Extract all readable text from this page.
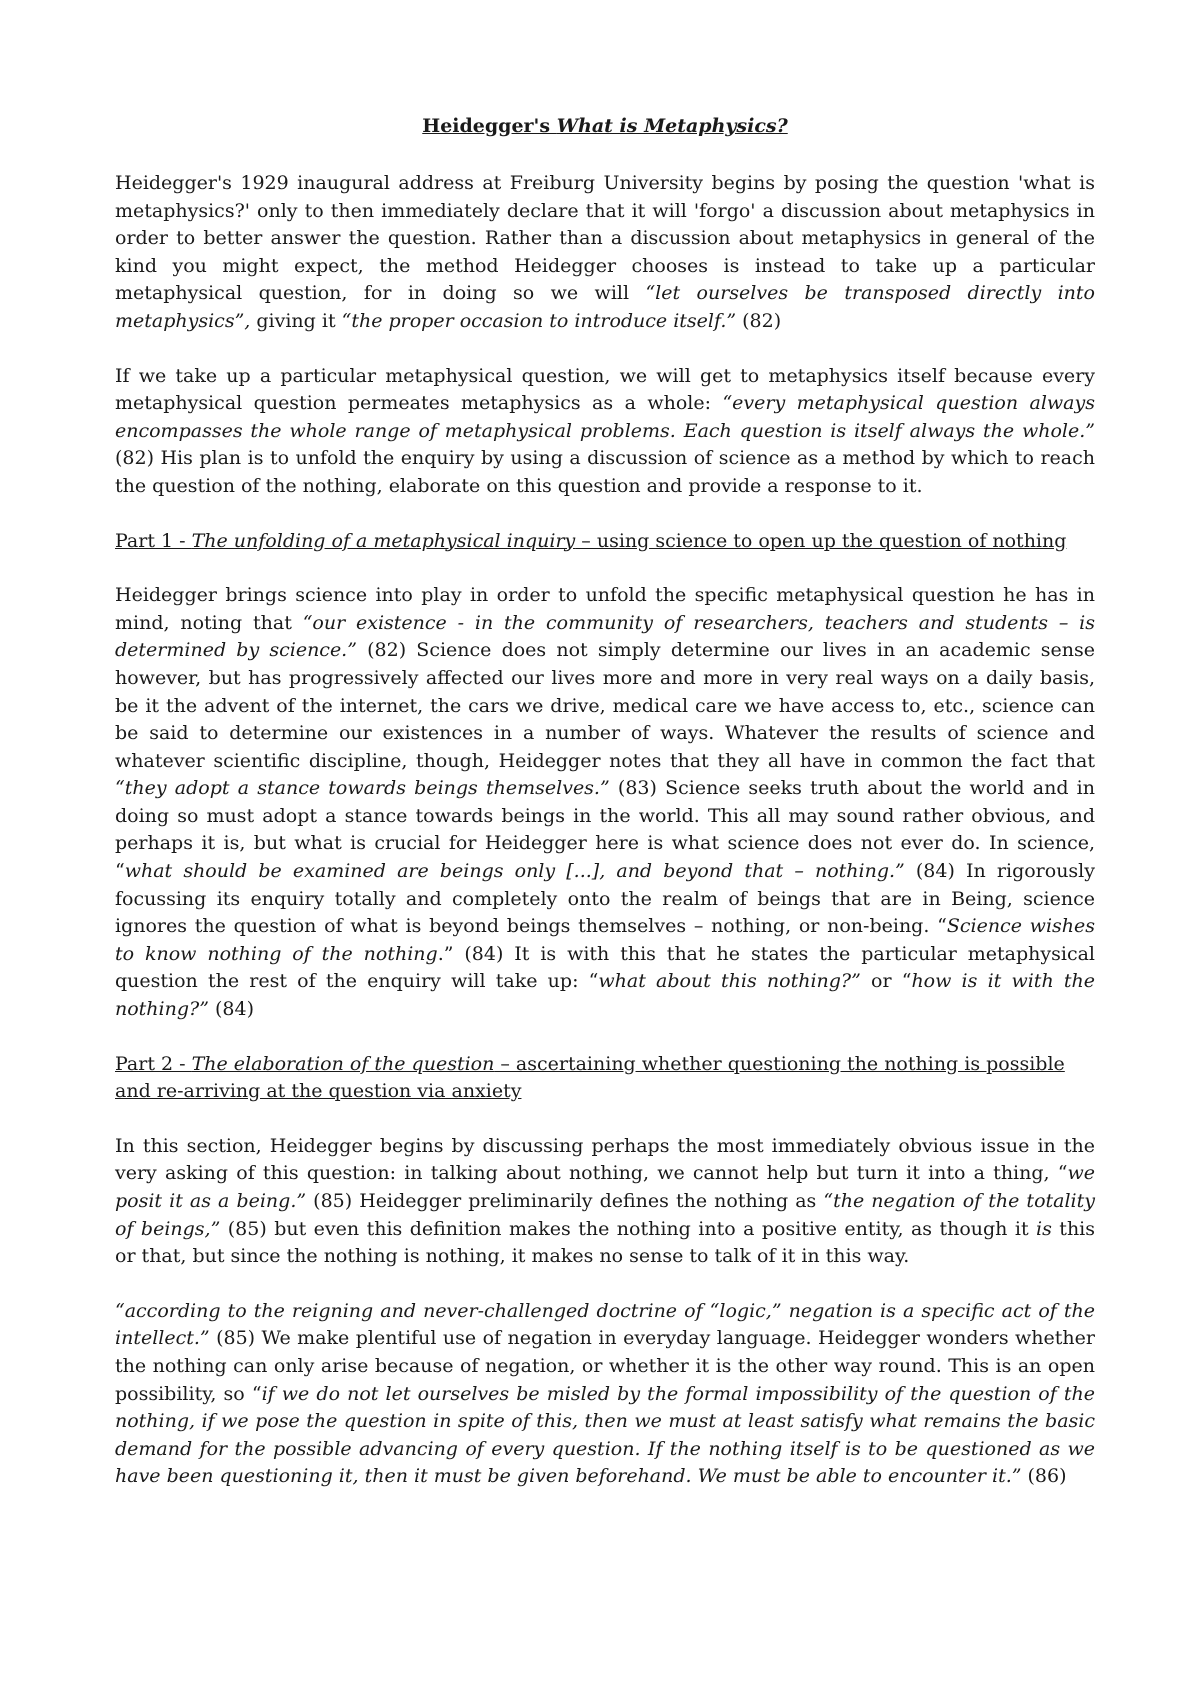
Heidegger's What is Metaphysics?

Heidegger's 1929 inaugural address at Freiburg University begins by posing the question 'what is metaphysics?' only to then immediately declare that it will 'forgo' a discussion about metaphysics in order to better answer the question. Rather than a discussion about metaphysics in general of the kind you might expect, the method Heidegger chooses is instead to take up a particular metaphysical question, for in doing so we will “let ourselves be transposed directly into metaphysics”, giving it “the proper occasion to introduce itself.” (82)

If we take up a particular metaphysical question, we will get to metaphysics itself because every metaphysical question permeates metaphysics as a whole: “every metaphysical question always encompasses the whole range of metaphysical problems. Each question is itself always the whole.” (82) His plan is to unfold the enquiry by using a discussion of science as a method by which to reach the question of the nothing, elaborate on this question and provide a response to it.

Part 1 - The unfolding of a metaphysical inquiry – using science to open up the question of nothing

Heidegger brings science into play in order to unfold the specific metaphysical question he has in mind, noting that “our existence - in the community of researchers, teachers and students – is determined by science.” (82) Science does not simply determine our lives in an academic sense however, but has progressively affected our lives more and more in very real ways on a daily basis, be it the advent of the internet, the cars we drive, medical care we have access to, etc., science can be said to determine our existences in a number of ways. Whatever the results of science and whatever scientific discipline, though, Heidegger notes that they all have in common the fact that “they adopt a stance towards beings themselves.” (83) Science seeks truth about the world and in doing so must adopt a stance towards beings in the world. This all may sound rather obvious, and perhaps it is, but what is crucial for Heidegger here is what science does not ever do. In science, “what should be examined are beings only [...], and beyond that – nothing.” (84) In rigorously focussing its enquiry totally and completely onto the realm of beings that are in Being, science ignores the question of what is beyond beings themselves – nothing, or non-being. “Science wishes to know nothing of the nothing.” (84) It is with this that he states the particular metaphysical question the rest of the enquiry will take up: “what about this nothing?” or “how is it with the nothing?” (84)

Part 2 - The elaboration of the question – ascertaining whether questioning the nothing is possible and re-arriving at the question via anxiety

In this section, Heidegger begins by discussing perhaps the most immediately obvious issue in the very asking of this question: in talking about nothing, we cannot help but turn it into a thing, “we posit it as a being.” (85) Heidegger preliminarily defines the nothing as “the negation of the totality of beings,” (85) but even this definition makes the nothing into a positive entity, as though it is this or that, but since the nothing is nothing, it makes no sense to talk of it in this way.

“according to the reigning and never-challenged doctrine of “logic,” negation is a specific act of the intellect.” (85) We make plentiful use of negation in everyday language. Heidegger wonders whether the nothing can only arise because of negation, or whether it is the other way round. This is an open possibility, so “if we do not let ourselves be misled by the formal impossibility of the question of the nothing, if we pose the question in spite of this, then we must at least satisfy what remains the basic demand for the possible advancing of every question. If the nothing itself is to be questioned as we have been questioning it, then it must be given beforehand. We must be able to encounter it.” (86)
